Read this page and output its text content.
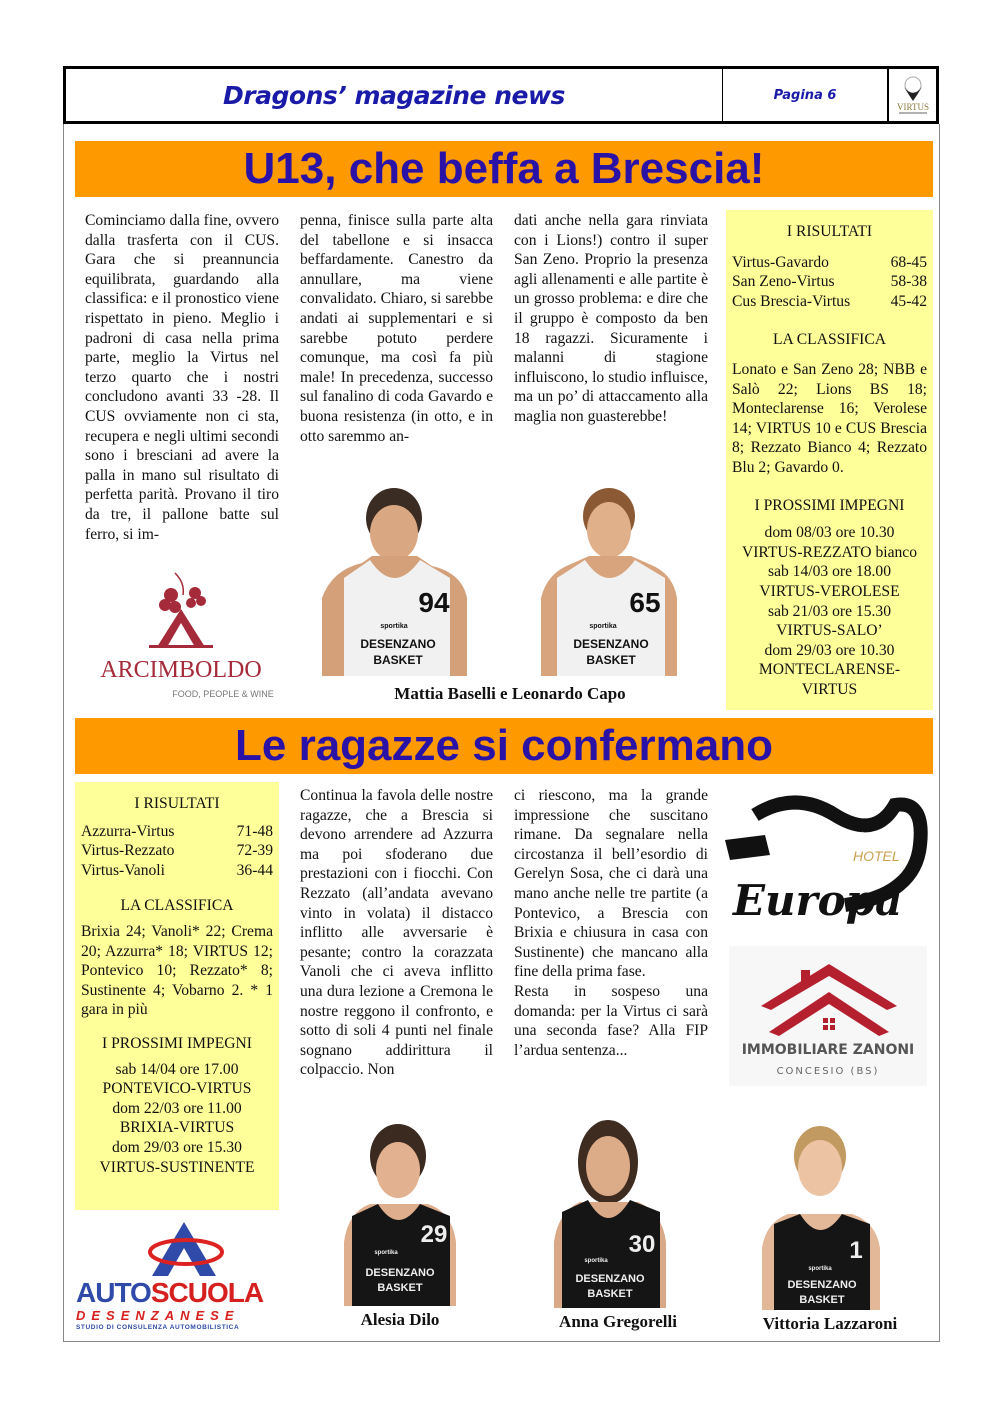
Dragons’ magazine news	Pagina 6
VIRTUS
U13, che beffa a Brescia!

Cominciamo dalla fine, ovvero dalla trasferta con il CUS. Gara che si preannuncia equilibrata, guardando alla classifica: e il pronostico viene rispettato in pieno. Meglio i padroni di casa nella prima parte, meglio la Virtus nel terzo quarto che i nostri concludono avanti 33 -28. Il CUS ovviamente non ci sta, recupera e negli ultimi secondi sono i bresciani ad avere la palla in mano sul risultato di perfetta parità. Provano il tiro da tre, il pallone batte sul ferro, si im-

penna, finisce sulla parte alta del tabellone e si insacca beffardamente. Canestro da annullare, ma viene convalidato. Chiaro, si sarebbe andati ai supplementari e si sarebbe potuto perdere comunque, ma così fa più male! In precedenza, successo sul fanalino di coda Gavardo e buona resistenza (in otto, e in otto saremmo an-

dati anche nella gara rinviata con i Lions!) contro il super San Zeno. Proprio la presenza agli allenamenti e alle partite è un grosso problema: e dire che il gruppo è composto da ben 18 ragazzi. Sicuramente i malanni di stagione influiscono, lo studio influisce, ma un po’ di attaccamento alla maglia non guasterebbe!

I RISULTATI

Virtus-Gavardo	68-45
San Zeno-Virtus	58-38
Cus Brescia-Virtus	45-42

LA CLASSIFICA

Lonato e San Zeno 28; NBB e Salò 22; Lions BS 18; Monteclarense 16; Verolese 14; VIRTUS 10 e CUS Brescia 8; Rezzato Bianco 4; Rezzato Blu 2; Gavardo 0.

I PROSSIMI IMPEGNI

dom 08/03 ore 10.30
VIRTUS-REZZATO bianco
sab 14/03 ore 18.00
VIRTUS-VEROLESE
sab 21/03 ore 15.30
VIRTUS-SALO’
dom 29/03 ore 10.30
MONTECLARENSE-
VIRTUS
ARCIMBOLDO
FOOD, PEOPLE & WINE
94
sportika
DESENZANO
BASKET
65
sportika
DESENZANO
BASKET
Mattia Baselli e Leonardo Capo
Le ragazze si confermano

I RISULTATI

Azzurra-Virtus	71-48
Virtus-Rezzato	72-39
Virtus-Vanoli	36-44

LA CLASSIFICA

Brixia 24; Vanoli* 22; Crema 20; Azzurra* 18; VIRTUS 12; Pontevico 10; Rezzato* 8; Sustinente 4; Vobarno 2. * 1 gara in più

I PROSSIMI IMPEGNI

sab 14/04 ore 17.00
PONTEVICO-VIRTUS
dom 22/03 ore 11.00
BRIXIA-VIRTUS
dom 29/03 ore 15.30
VIRTUS-SUSTINENTE

Continua la favola delle nostre ragazze, che a Brescia si devono arrendere ad Azzurra ma poi sfoderano due prestazioni con i fiocchi. Con Rezzato (all’andata avevano vinto in volata) il distacco inflitto alle avversarie è pesante; contro la corazzata Vanoli che ci aveva inflitto una dura lezione a Cremona le nostre reggono il confronto, e sotto di soli 4 punti nel finale sognano addirittura il colpaccio. Non

ci riescono, ma la grande impressione che suscitano rimane. Da segnalare nella circostanza il bell’esordio di Gerelyn Sosa, che ci darà una mano anche nelle tre partite (a Pontevico, a Brescia con Brixia e chiusura in casa con Sustinente) che mancano alla fine della prima fase.

Resta in sospeso una domanda: per la Virtus ci sarà una seconda fase? Alla FIP l’ardua sentenza...

★
★ ★
HOTEL
Europa
IMMOBILIARE ZANONI
CONCESIO (BS)
AUTO SCUOLA
DESENZANESE
STUDIO DI CONSULENZA AUTOMOBILISTICA
29
sportika
DESENZANO
BASKET
Alesia Dilo
30
sportika
DESENZANO
BASKET
Anna Gregorelli
1
sportika
DESENZANO
BASKET
Vittoria Lazzaroni
